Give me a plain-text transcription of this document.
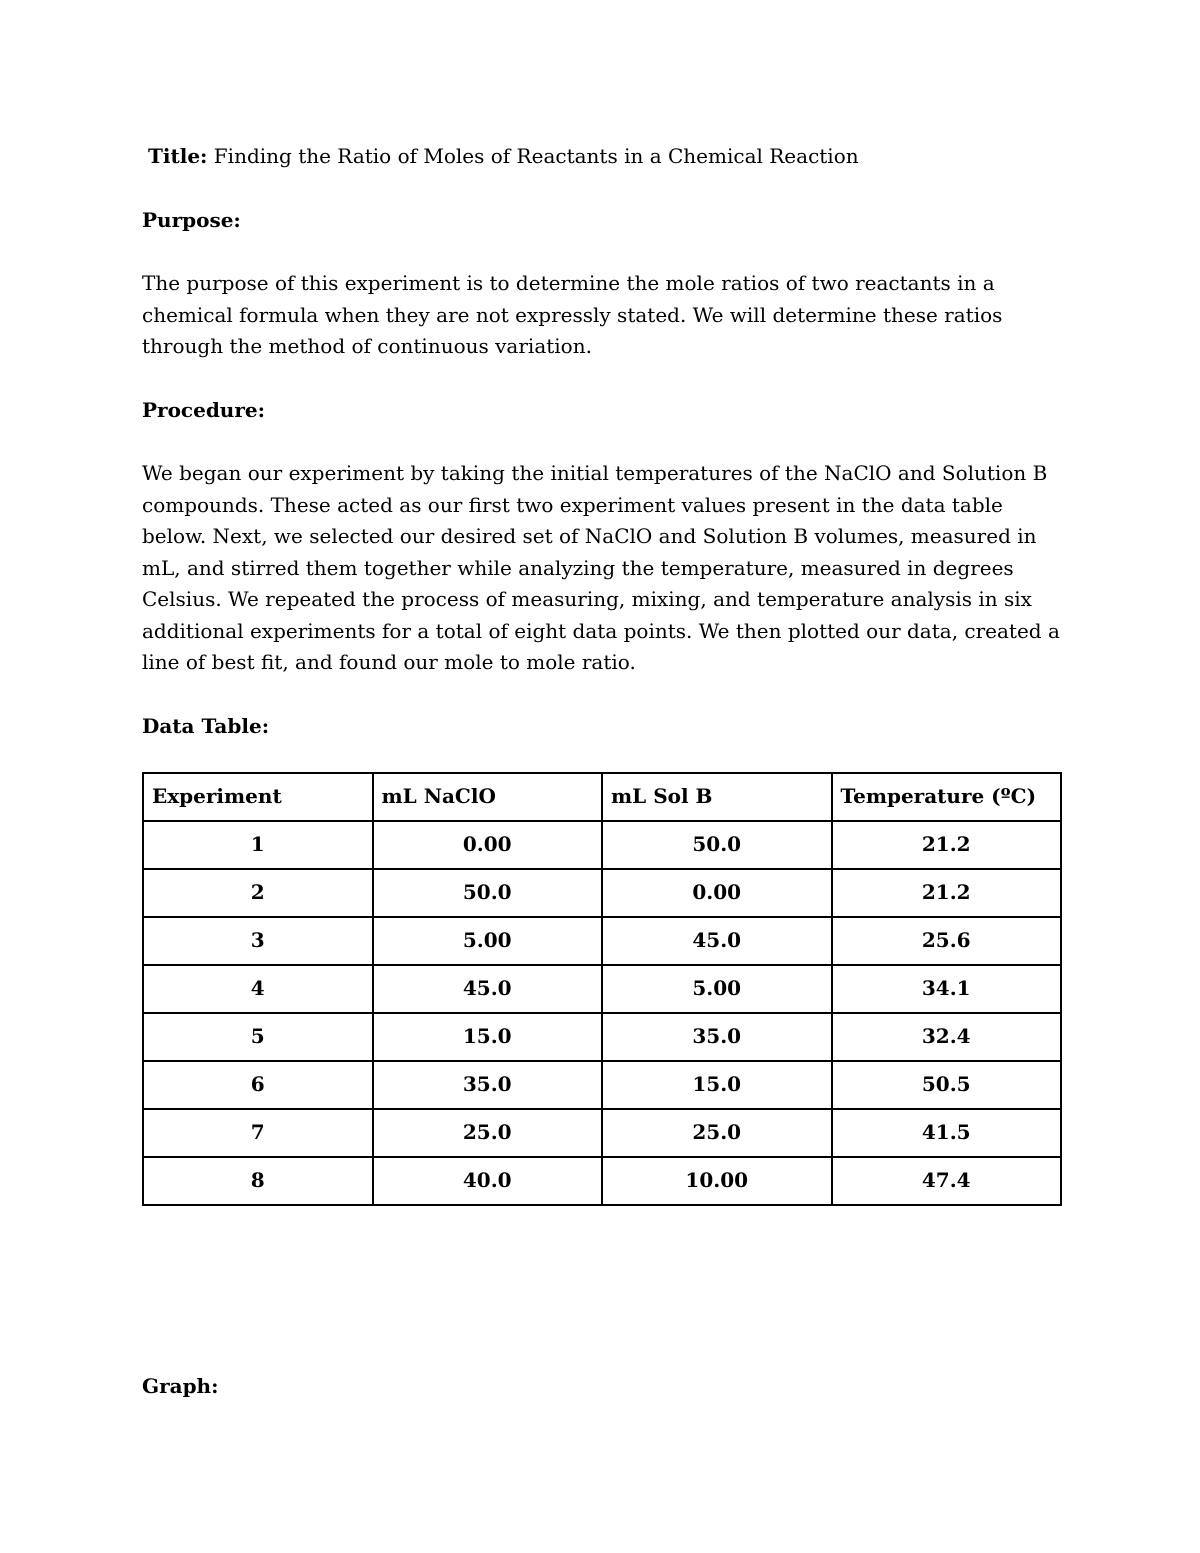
Title: Finding the Ratio of Moles of Reactants in a Chemical Reaction

Purpose:

The purpose of this experiment is to determine the mole ratios of two reactants in a chemical formula when they are not expressly stated. We will determine these ratios through the method of continuous variation.

Procedure:

We began our experiment by taking the initial temperatures of the NaClO and Solution B compounds. These acted as our first two experiment values present in the data table below. Next, we selected our desired set of NaClO and Solution B volumes, measured in mL, and stirred them together while analyzing the temperature, measured in degrees Celsius. We repeated the process of measuring, mixing, and temperature analysis in six additional experiments for a total of eight data points. We then plotted our data, created a line of best fit, and found our mole to mole ratio.

Data Table:

Experiment	mL NaClO	mL Sol B	Temperature (ºC)
1	0.00	50.0	21.2
2	50.0	0.00	21.2
3	5.00	45.0	25.6
4	45.0	5.00	34.1
5	15.0	35.0	32.4
6	35.0	15.0	50.5
7	25.0	25.0	41.5
8	40.0	10.00	47.4

Graph:
